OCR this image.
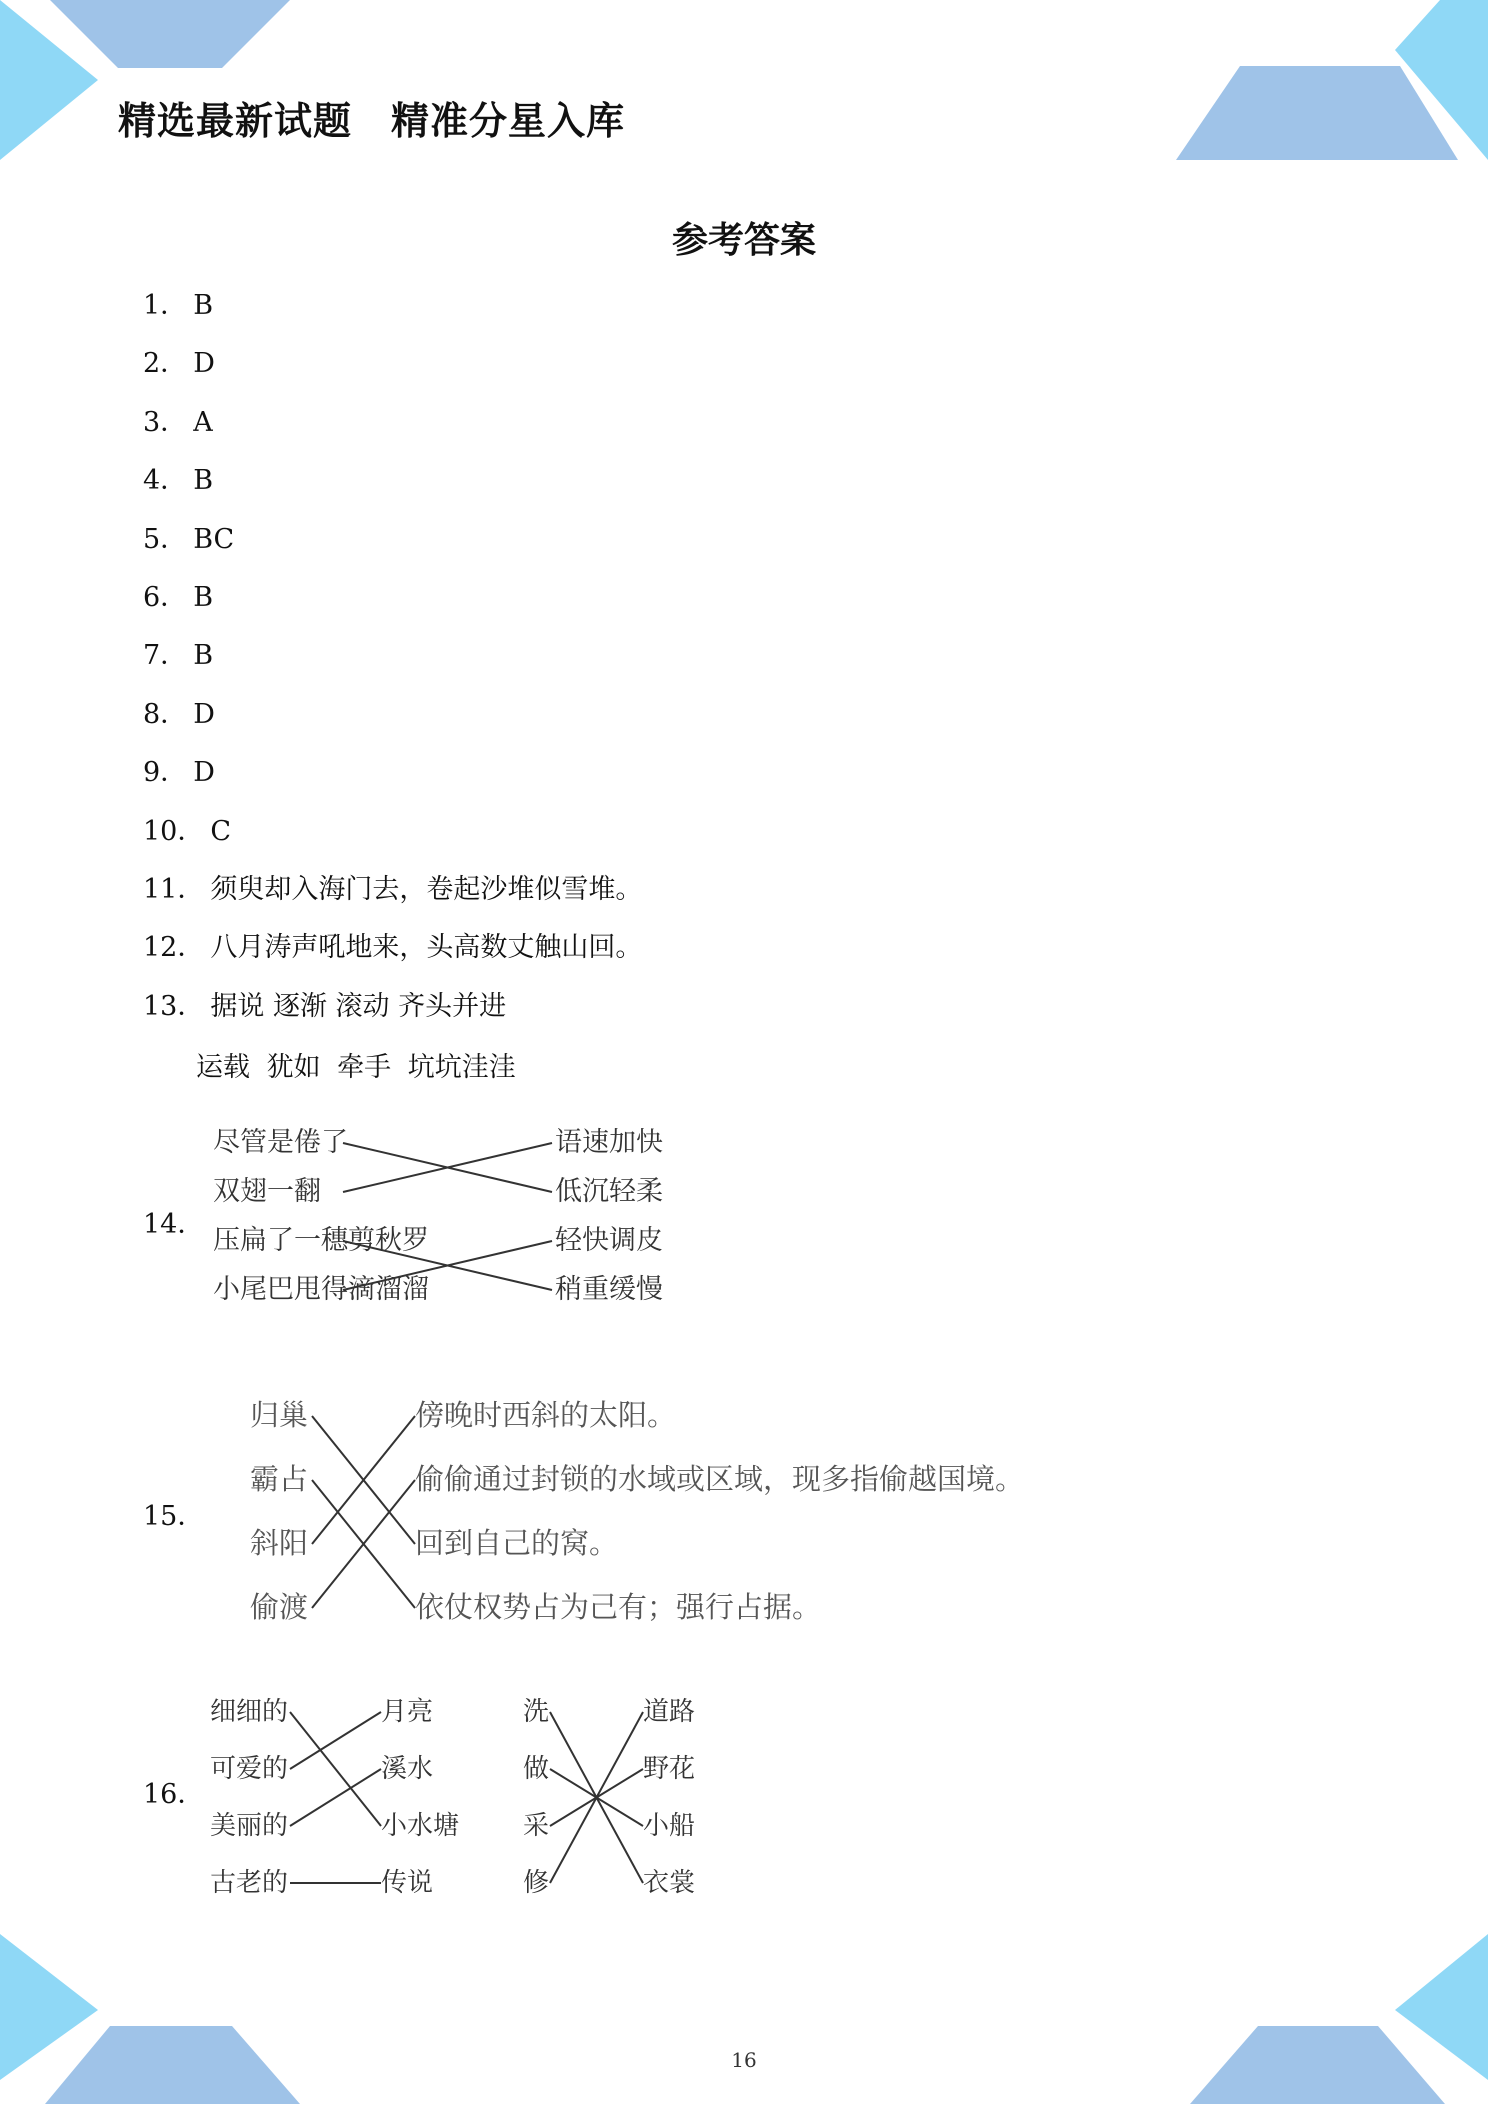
精选最新试题　精准分星入库
参考答案
1． B
2． D
3． A
4． B
5． BC
6． B
7． B
8． D
9． D
10． C
11． 须臾却入海门去，卷起沙堆似雪堆。
12． 八月涛声吼地来，头高数丈触山回。
13． 据说 逐渐 滚动 齐头并进
运载 犹如 牵手 坑坑洼洼
14．
15．
16．
尽管是倦了
双翅一翻
压扁了一穗剪秋罗
小尾巴甩得滴溜溜
语速加快
低沉轻柔
轻快调皮
稍重缓慢
归巢
霸占
斜阳
偷渡
傍晚时西斜的太阳。
偷偷通过封锁的水域或区域，现多指偷越国境。
回到自己的窝。
依仗权势占为己有；强行占据。
细细的
可爱的
美丽的
古老的
月亮
溪水
小水塘
传说
洗
做
采
修
道路
野花
小船
衣裳
16
